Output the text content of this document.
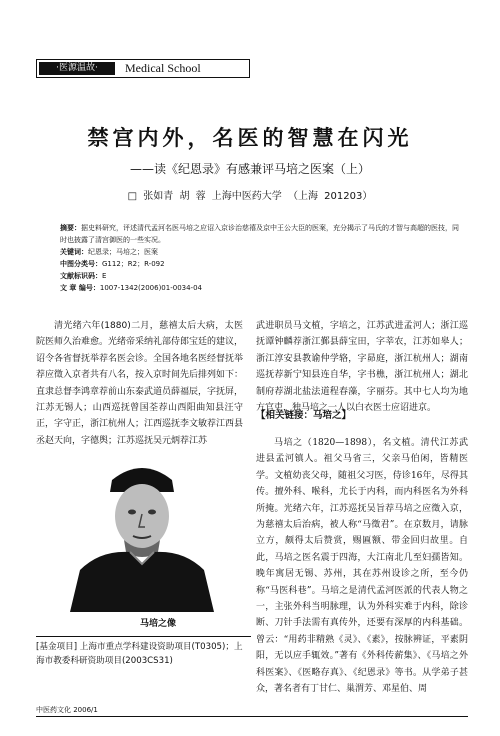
·医源温故·	Medical School
禁宫内外，名医的智慧在闪光
——读《纪恩录》有感兼评马培之医案（上）
□ 张如青 胡 蓉 上海中医药大学 （上海 201203）
摘要：据史料研究，评述清代孟河名医马培之应诏入京诊治慈禧及京中王公大臣的医案，充分揭示了马氏的才智与高超的医技，同时也披露了清宫御医的一些实况。
关键词：纪恩录；马培之；医案
中图分类号：G112；R2；R-092
文献标识码：E
文 章 编号：1007-1342(2006)01-0034-04

清光绪六年(1880)二月，慈禧太后大病，太医院医师久治难愈。光绪帝采纳礼部侍郎宝廷的建议，诏令各省督抚举荐名医会诊。全国各地名医经督抚举荐应徵入京者共有八名，按入京时间先后排列如下：直隶总督李鸿章荐前山东泰武道员薛福辰，字抚屏，江苏无锡人；山西巡抚曾国荃荐山西阳曲知县汪守正，字守正，浙江杭州人；江西巡抚李文敏荐江西县丞赵天向，字德舆；江苏巡抚吴元炳荐江苏

马培之像
[基金项目] 上海市重点学科建设资助项目(T0305)；上海市教委科研资助项目(2003CS31)

武进职员马文植，字培之，江苏武进孟河人；浙江巡抚谭钟麟荐浙江鄞县薛宝田，字莘农，江苏如皋人；浙江淳安县教谕仲学辂，字昴庭，浙江杭州人；湖南巡抚荐新宁知县连自华，字书樵，浙江杭州人；湖北制府荐湖北盐法道程春藻，字丽芬。其中七人均为地方官吏，独马培之一人以白衣医士应诏进京。

【相关链接：马培之】

马培之（1820—1898），名文植。清代江苏武进县孟河镇人。祖父马省三，父亲马伯闲，皆精医学。文植幼丧父母，随祖父习医，侍诊16年，尽得其传。擅外科、喉科，尤长于内科，而内科医名为外科所掩。光绪六年，江苏巡抚吴旨荐马培之应徵入京，为慈禧太后治病，被人称“马徵君”。在京数月，请脉立方，颇得太后赞赏，赐匾额、带金回归故里。自此，马培之医名震于四海，大江南北几至妇孺皆知。晚年寓居无锡、苏州，其在苏州设诊之所，至今仍称“马医科巷”。马培之是清代孟河医派的代表人物之一，主张外科当明脉理，认为外科实难于内科，除诊断、刀针手法需有真传外，还要有深厚的内科基础。曾云：“用药非精熟《灵》、《素》，按脉辨证，平素阴阳，无以应手辄效。”著有《外科传薪集》、《马培之外科医案》、《医略存真》、《纪恩录》等书。从学弟子甚众，著名者有丁甘仁、巢渭芳、邓星伯、周

中医药文化 2006/1
